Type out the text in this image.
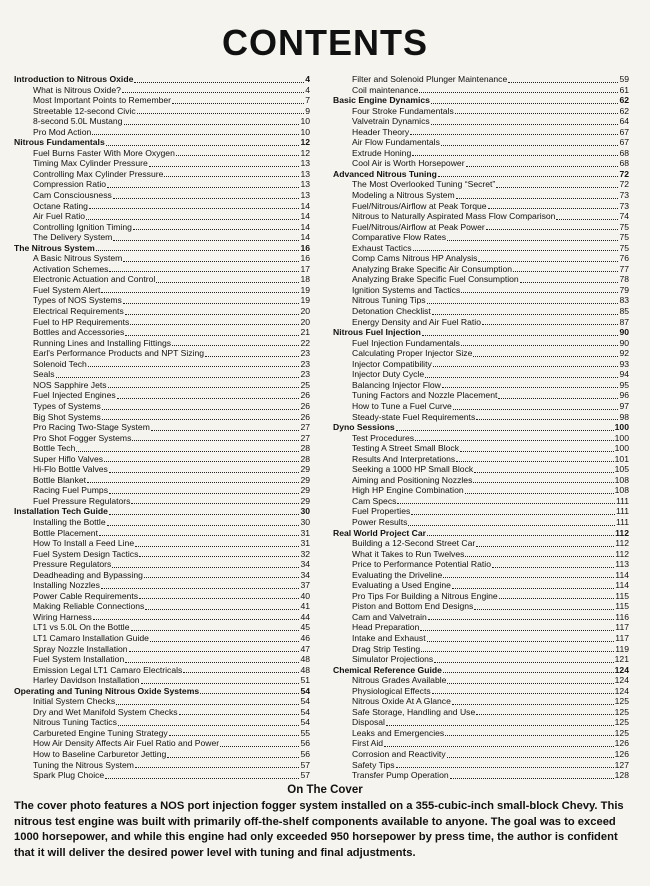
CONTENTS
Introduction to Nitrous Oxide	4
What is Nitrous Oxide?	4
Most Important Points to Remember	7
Streetable 12-second Civic	9
8-second 5.0L Mustang	10
Pro Mod Action	10
Nitrous Fundamentals	12
Fuel Burns Faster With More Oxygen	12
Timing Max Cylinder Pressure	13
Controlling Max Cylinder Pressure	13
Compression Ratio	13
Cam Consciousness	13
Octane Rating	14
Air Fuel Ratio	14
Controlling Ignition Timing	14
The Delivery System	14
The Nitrous System	16
A Basic Nitrous System	16
Activation Schemes	17
Electronic Actuation and Control	18
Fuel System Alert	19
Types of NOS Systems	19
Electrical Requirements	20
Fuel to HP Requirements	20
Bottles and Accessories	21
Running Lines and Installing Fittings	22
Earl's Performance Products and NPT Sizing	23
Solenoid Tech	23
Seals	23
NOS Sapphire Jets	25
Fuel Injected Engines	26
Types of Systems	26
Big Shot Systems	26
Pro Racing Two-Stage System	27
Pro Shot Fogger Systems	27
Bottle Tech	28
Super Hiflo Valves	28
Hi-Flo Bottle Valves	29
Bottle Blanket	29
Racing Fuel Pumps	29
Fuel Pressure Regulators	29
Installation Tech Guide	30
Installing the Bottle	30
Bottle Placement	31
How To Install a Feed Line	31
Fuel System Design Tactics	32
Pressure Regulators	34
Deadheading and Bypassing	34
Installing Nozzles	37
Power Cable Requirements	40
Making Reliable Connections	41
Wiring Harness	44
LT1 vs 5.0L On the Bottle	45
LT1 Camaro Installation Guide	46
Spray Nozzle Installation	47
Fuel System Installation	48
Emission Legal LT1 Camaro Electricals	48
Harley Davidson Installation	51
Operating and Tuning Nitrous Oxide Systems	54
Initial System Checks	54
Dry and Wet Manifold System Checks	54
Nitrous Tuning Tactics	54
Carbureted Engine Tuning Strategy	55
How Air Density Affects Air Fuel Ratio and Power	56
How to Baseline Carburetor Jetting	56
Tuning the Nitrous System	57
Spark Plug Choice	57
Filter and Solenoid Plunger Maintenance	59
Coil maintenance	61
Basic Engine Dynamics	62
Four Stroke Fundamentals	62
Valvetrain Dynamics	64
Header Theory	67
Air Flow Fundamentals	67
Extrude Honing	68
Cool Air is Worth Horsepower	68
Advanced Nitrous Tuning	72
The Most Overlooked Tuning “Secret”	72
Modeling a Nitrous System	73
Fuel/Nitrous/Airflow at Peak Torque	73
Nitrous to Naturally Aspirated Mass Flow Comparison	74
Fuel/Nitrous/Airflow at Peak Power	75
Comparative Flow Rates	75
Exhaust Tactics	75
Comp Cams Nitrous HP Analysis	76
Analyzing Brake Specific Air Consumption	77
Analyzing Brake Specific Fuel Consumption	78
Ignition Systems and Tactics	79
Nitrous Tuning Tips	83
Detonation Checklist	85
Energy Density and Air Fuel Ratio	87
Nitrous Fuel Injection	90
Fuel Injection Fundamentals	90
Calculating Proper Injector Size	92
Injector Compatibility	93
Injector Duty Cycle	94
Balancing Injector Flow	95
Tuning Factors and Nozzle Placement	96
How to Tune a Fuel Curve	97
Steady-state Fuel Requirements	98
Dyno Sessions	100
Test Procedures	100
Testing A Street Small Block	100
Results And Interpretations	101
Seeking a 1000 HP Small Block	105
Aiming and Positioning Nozzles	108
High HP Engine Combination	108
Cam Specs	111
Fuel Properties	111
Power Results	111
Real World Project Car	112
Building a 12-Second Street Car	112
What it Takes to Run Twelves	112
Price to Performance Potential Ratio	113
Evaluating the Driveline	114
Evaluating a Used Engine	114
Pro Tips For Building a Nitrous Engine	115
Piston and Bottom End Designs	115
Cam and Valvetrain	116
Head Preparation	117
Intake and Exhaust	117
Drag Strip Testing	119
Simulator Projections	121
Chemical Reference Guide	124
Nitrous Grades Available	124
Physiological Effects	124
Nitrous Oxide At A Glance	125
Safe Storage, Handling and Use	125
Disposal	125
Leaks and Emergencies	125
First Aid	126
Corrosion and Reactivity	126
Safety Tips	127
Transfer Pump Operation	128
On The Cover
The cover photo features a NOS port injection fogger system installed on a 355-cubic-inch small-block Chevy. This nitrous test engine was built with primarily off-the-shelf components available to anyone. The goal was to exceed 1000 horsepower, and while this engine had only exceeded 950 horsepower by press time, the author is confident that it will deliver the desired power level with tuning and final adjustments.
